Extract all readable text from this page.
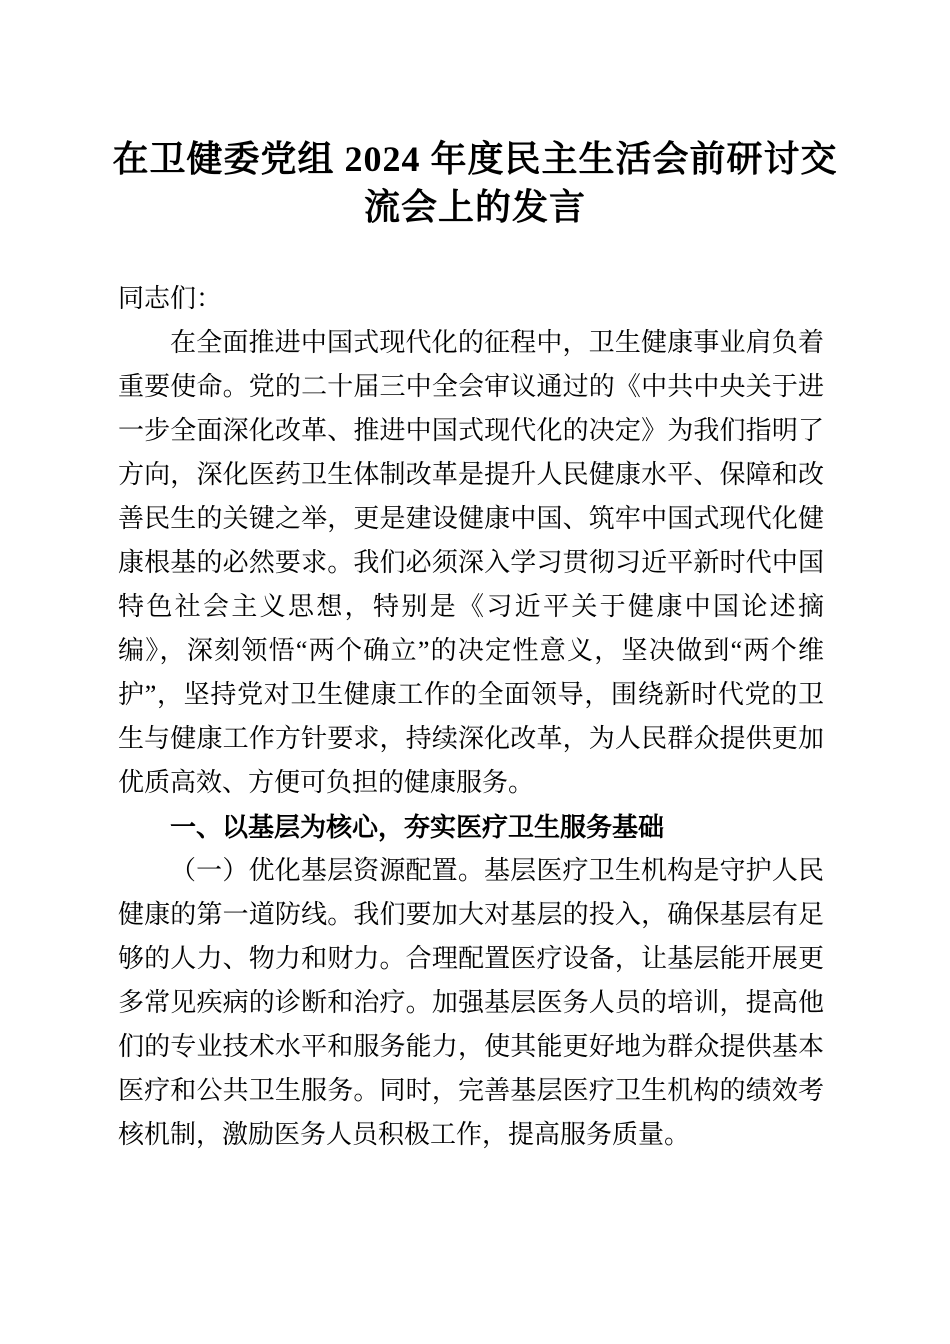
在卫健委党组 2024 年度民主生活会前研讨交流会上的发言

同志们：

在全面推进中国式现代化的征程中，卫生健康事业肩负着重要使命。党的二十届三中全会审议通过的《中共中央关于进一步全面深化改革、推进中国式现代化的决定》为我们指明了方向，深化医药卫生体制改革是提升人民健康水平、保障和改善民生的关键之举，更是建设健康中国、筑牢中国式现代化健康根基的必然要求。我们必须深入学习贯彻习近平新时代中国特色社会主义思想，特别是《习近平关于健康中国论述摘编》，深刻领悟“两个确立”的决定性意义，坚决做到“两个维护”，坚持党对卫生健康工作的全面领导，围绕新时代党的卫生与健康工作方针要求，持续深化改革，为人民群众提供更加优质高效、方便可负担的健康服务。

一、以基层为核心，夯实医疗卫生服务基础

（一）优化基层资源配置。基层医疗卫生机构是守护人民健康的第一道防线。我们要加大对基层的投入，确保基层有足够的人力、物力和财力。合理配置医疗设备，让基层能开展更多常见疾病的诊断和治疗。加强基层医务人员的培训，提高他们的专业技术水平和服务能力，使其能更好地为群众提供基本医疗和公共卫生服务。同时，完善基层医疗卫生机构的绩效考核机制，激励医务人员积极工作，提高服务质量。
